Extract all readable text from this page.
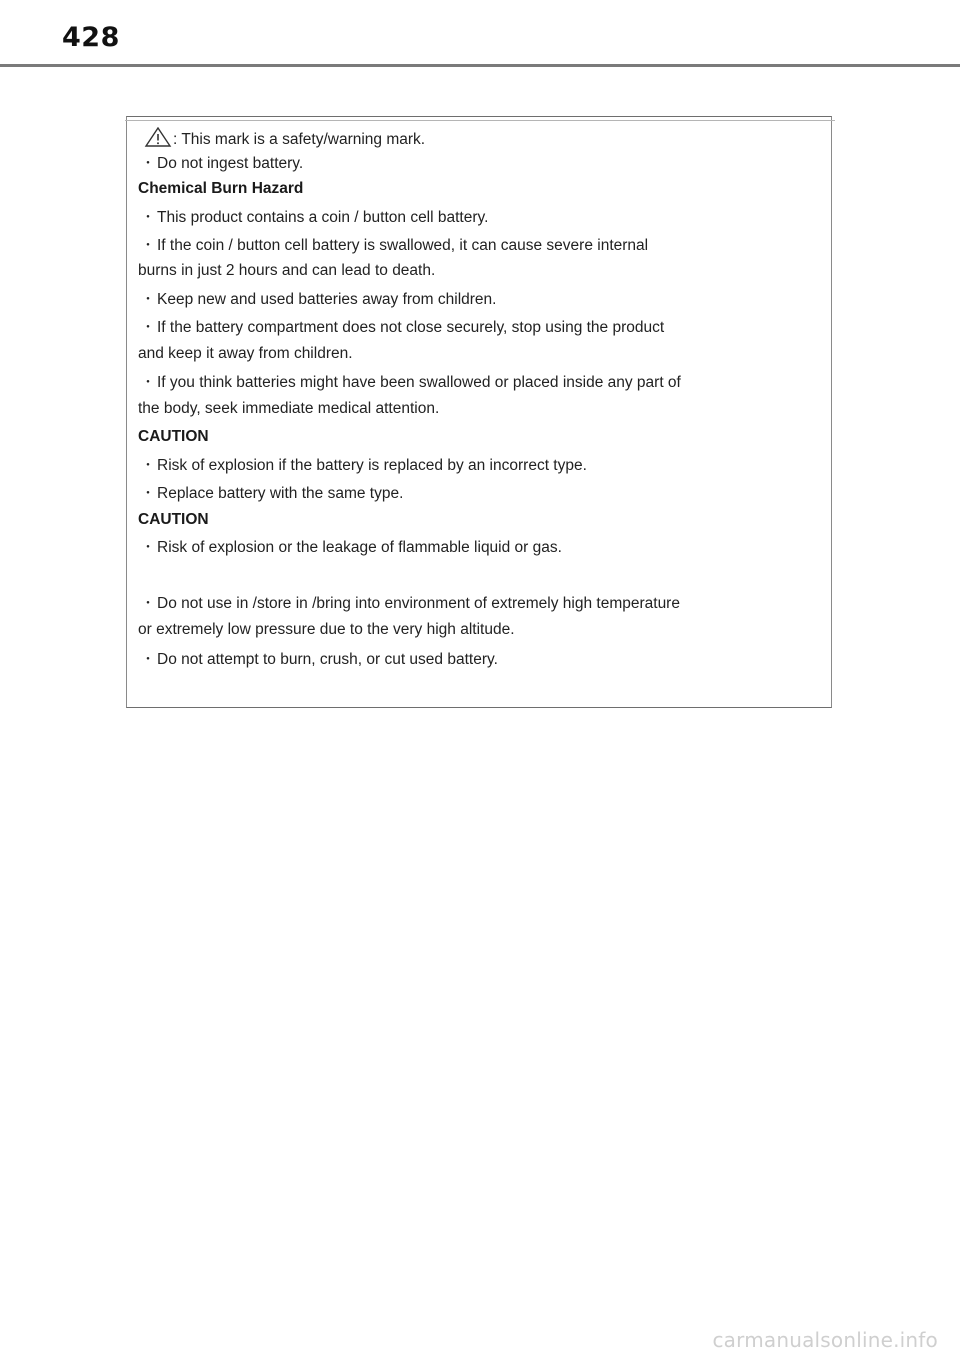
428
: This mark is a safety/warning mark.
・ Do not ingest battery.
Chemical Burn Hazard
・ This product contains a coin / button cell battery.
・ If the coin / button cell battery is swallowed, it can cause severe internal
burns in just 2 hours and can lead to death.
・ Keep new and used batteries away from children.
・ If the battery compartment does not close securely, stop using the product
and keep it away from children.
・ If you think batteries might have been swallowed or placed inside any part of
the body, seek immediate medical attention.
CAUTION
・ Risk of explosion if the battery is replaced by an incorrect type.
・ Replace battery with the same type.
CAUTION
・ Risk of explosion or the leakage of flammable liquid or gas.
・ Do not use in /store in /bring into environment of extremely high temperature
or extremely low pressure due to the very high altitude.
・ Do not attempt to burn, crush, or cut used battery.
carmanualsonline.info
